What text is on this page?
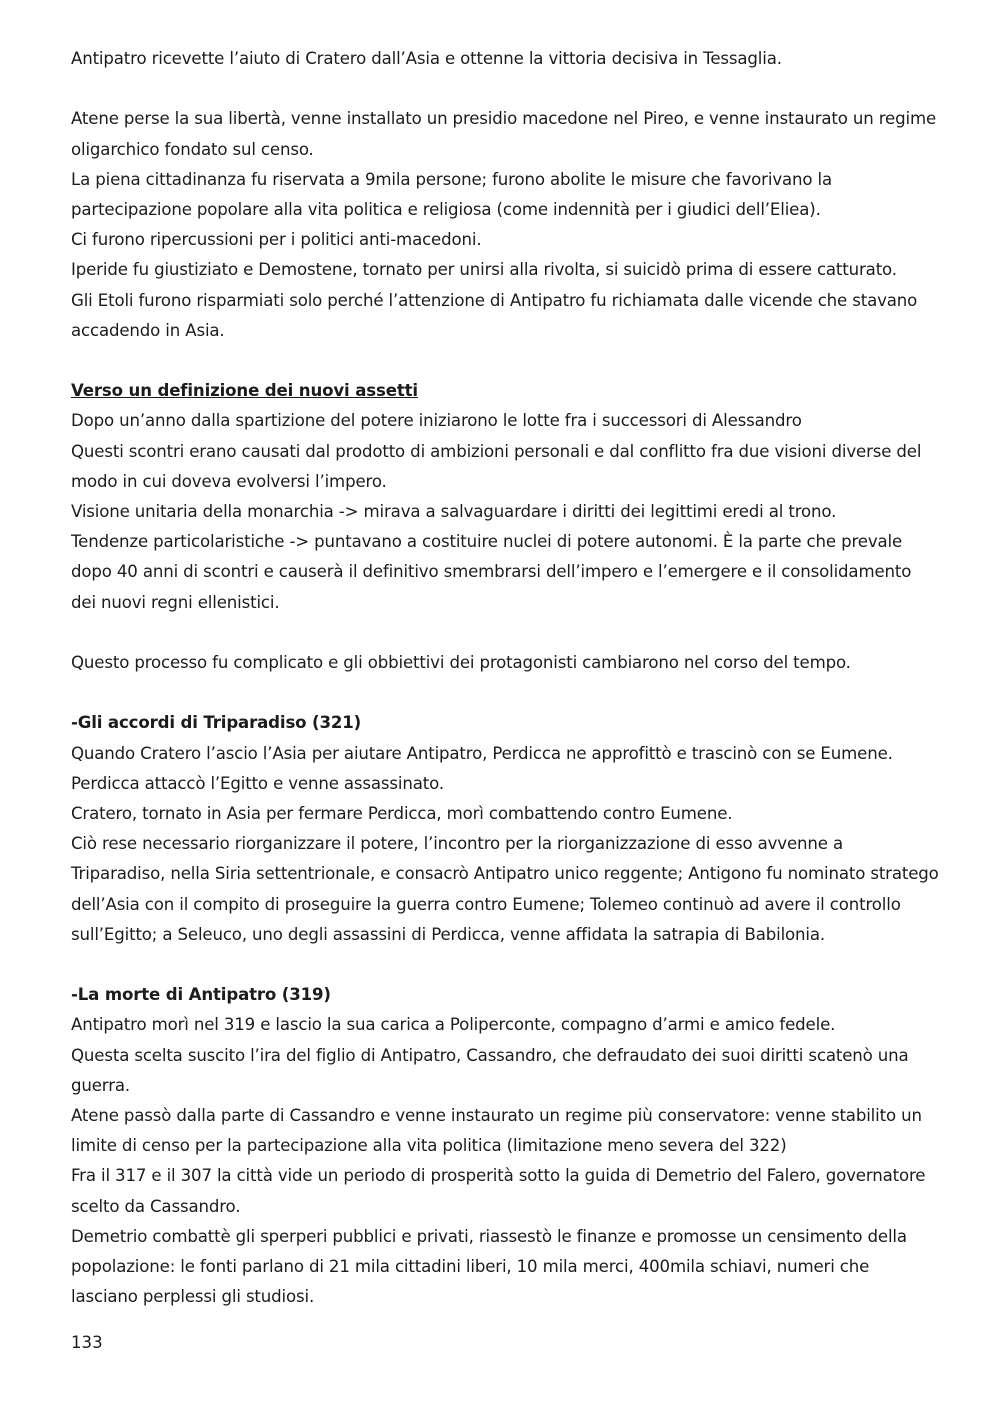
Antipatro ricevette l’aiuto di Cratero dall’Asia e ottenne la vittoria decisiva in Tessaglia.

Atene perse la sua libertà, venne installato un presidio macedone nel Pireo, e venne instaurato un regime oligarchico fondato sul censo.

La piena cittadinanza fu riservata a 9mila persone; furono abolite le misure che favorivano la partecipazione popolare alla vita politica e religiosa (come indennità per i giudici dell’Eliea).

Ci furono ripercussioni per i politici anti-macedoni.

Iperide fu giustiziato e Demostene, tornato per unirsi alla rivolta, si suicidò prima di essere catturato.

Gli Etoli furono risparmiati solo perché l’attenzione di Antipatro fu richiamata dalle vicende che stavano accadendo in Asia.

Verso un definizione dei nuovi assetti

Dopo un’anno dalla spartizione del potere iniziarono le lotte fra i successori di Alessandro

Questi scontri erano causati dal prodotto di ambizioni personali e dal conflitto fra due visioni diverse del modo in cui doveva evolversi l’impero.

Visione unitaria della monarchia -> mirava a salvaguardare i diritti dei legittimi eredi al trono.

Tendenze particolaristiche -> puntavano a costituire nuclei di potere autonomi. È la parte che prevale dopo 40 anni di scontri e causerà il definitivo smembrarsi dell’impero e l’emergere e il consolidamento dei nuovi regni ellenistici.

Questo processo fu complicato e gli obbiettivi dei protagonisti cambiarono nel corso del tempo.

-Gli accordi di Triparadiso (321)

Quando Cratero l’ascio l’Asia per aiutare Antipatro, Perdicca ne approfittò e trascinò con se Eumene.

Perdicca attaccò l’Egitto e venne assassinato.

Cratero, tornato in Asia per fermare Perdicca, morì combattendo contro Eumene.

Ciò rese necessario riorganizzare il potere, l’incontro per la riorganizzazione di esso avvenne a Triparadiso, nella Siria settentrionale, e consacrò Antipatro unico reggente; Antigono fu nominato stratego dell’Asia con il compito di proseguire la guerra contro Eumene; Tolemeo continuò ad avere il controllo sull’Egitto; a Seleuco, uno degli assassini di Perdicca, venne affidata la satrapia di Babilonia.

-La morte di Antipatro (319)

Antipatro morì nel 319 e lascio la sua carica a Poliperconte, compagno d’armi e amico fedele.

Questa scelta suscito l’ira del figlio di Antipatro, Cassandro, che defraudato dei suoi diritti scatenò una guerra.

Atene passò dalla parte di Cassandro e venne instaurato un regime più conservatore: venne stabilito un limite di censo per la partecipazione alla vita politica (limitazione meno severa del 322)

Fra il 317 e il 307 la città vide un periodo di prosperità sotto la guida di Demetrio del Falero, governatore scelto da Cassandro.

Demetrio combattè gli sperperi pubblici e privati, riassestò le finanze e promosse un censimento della popolazione: le fonti parlano di 21 mila cittadini liberi, 10 mila merci, 400mila schiavi, numeri che lasciano perplessi gli studiosi.

133
